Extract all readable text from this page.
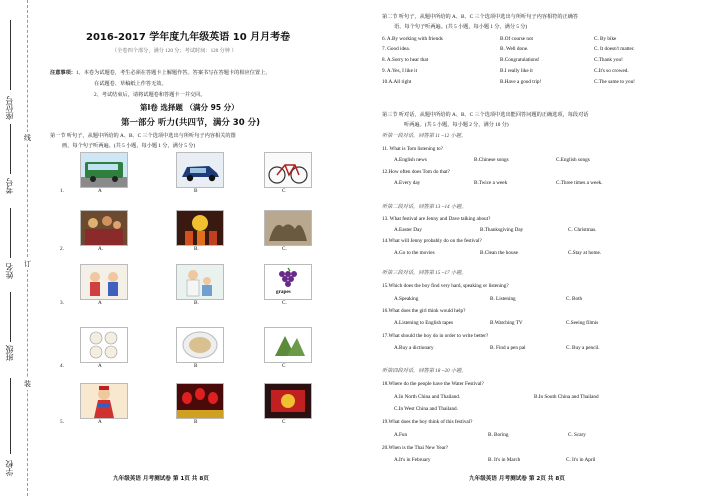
座位号
考号
姓名
班级
学校
线
订
装
2016-2017 学年度九年级英语 10 月月考卷
（全卷四个部分，满分 120 分；考试时间：120 分钟 ）
注意事项：1、本卷为试题卷，考生必须在答题卡上解题作答。答案书写在答题卡的相应位置上，
在试题卷、草稿纸上作答无效。
2、考试结束后，请将试题卷和答题卡一并交回。
第Ⅰ卷 选择题 （满分 95 分）
第一部分 听力(共四节，满分 30 分)
第一节 听句子，从题中所给的 A、B、C 三个选项中选出与所听句子内容相关的图
画，每个句子听两遍。(共 5 小题，每小题 1 分，满分 5 分)
A	B	C
1.
A.	B.	C.
2.
A	B.
grapes
C.
3.
A	B	C
4.
A	B	C
5.
九年级英语 月考测试卷 第 1页 共 8页
第二节 听句子，从题中所给的 A、B、C 三个选项中选出与所听句子内容相符的正确答
语，每个句子听两遍。(共 5 小题，每小题 1 分，满分 5 分)
6. A.By working with friends	B.Of course not	C. By bike
7. Good idea.	B. Well done.	C. It doesn't matter.
8. A.Sorry to hear that	B.Congratulations!	C.Thank you!
9. A.Yes, I like it	B.I really like it	C.It's so crowed.
10.A.All right	B.Have a good trip!	C.The same to you!
第三节 听对话，从题中所给的 A、B、C 三个选项中选出能回答问题的正确选项，每段对话
听两遍。(共 5 小题，每小题 2 分，满分 10 分)
听第一段对话，回答第 11 ~12 小题。
11. What is Tom listening to?
A.English news	B.Chinese songs	C.English songs
12.How often does Tom do that?
A.Every day	B.Twice a week	C.Three times a week.
听第二段对话，回答第 13 ~14 小题。
13. What festival are Jenny and Dave talking about?
A.Easter Day	B.Thanksgiving Day	C. Christmas.
14.What will Jenny probably do on the festival?
A.Go to the movies	B.Clean the house	C.Stay at home.
听第三段对话，回答第 15 ~17 小题。
15.Which does the boy find very hard, speaking or listening?
A.Speaking	B. Listening	C. Both
16.What does the girl think would help?
A.Listening to English tapes	B.Watching TV	C.Seeing filmis
17.What should the boy do in order to write better?
A.Buy a dictionary	B. Find a pen pal	C. Buy a pencil.
听第四段对话，回答第 18 ~20 小题。
18.Where do the people have the Water Festival?
A.In North China and Thailand.	B.In South China and Thailand
C.In West China and Thailand.
19.What does the boy think of this festival?
A.Fun	B. Boring	C. Scary
20.When is the Thai New Year?
A.It's in February	B. It's in March	C. It's in April
九年级英语 月考测试卷 第 2页 共 8页
